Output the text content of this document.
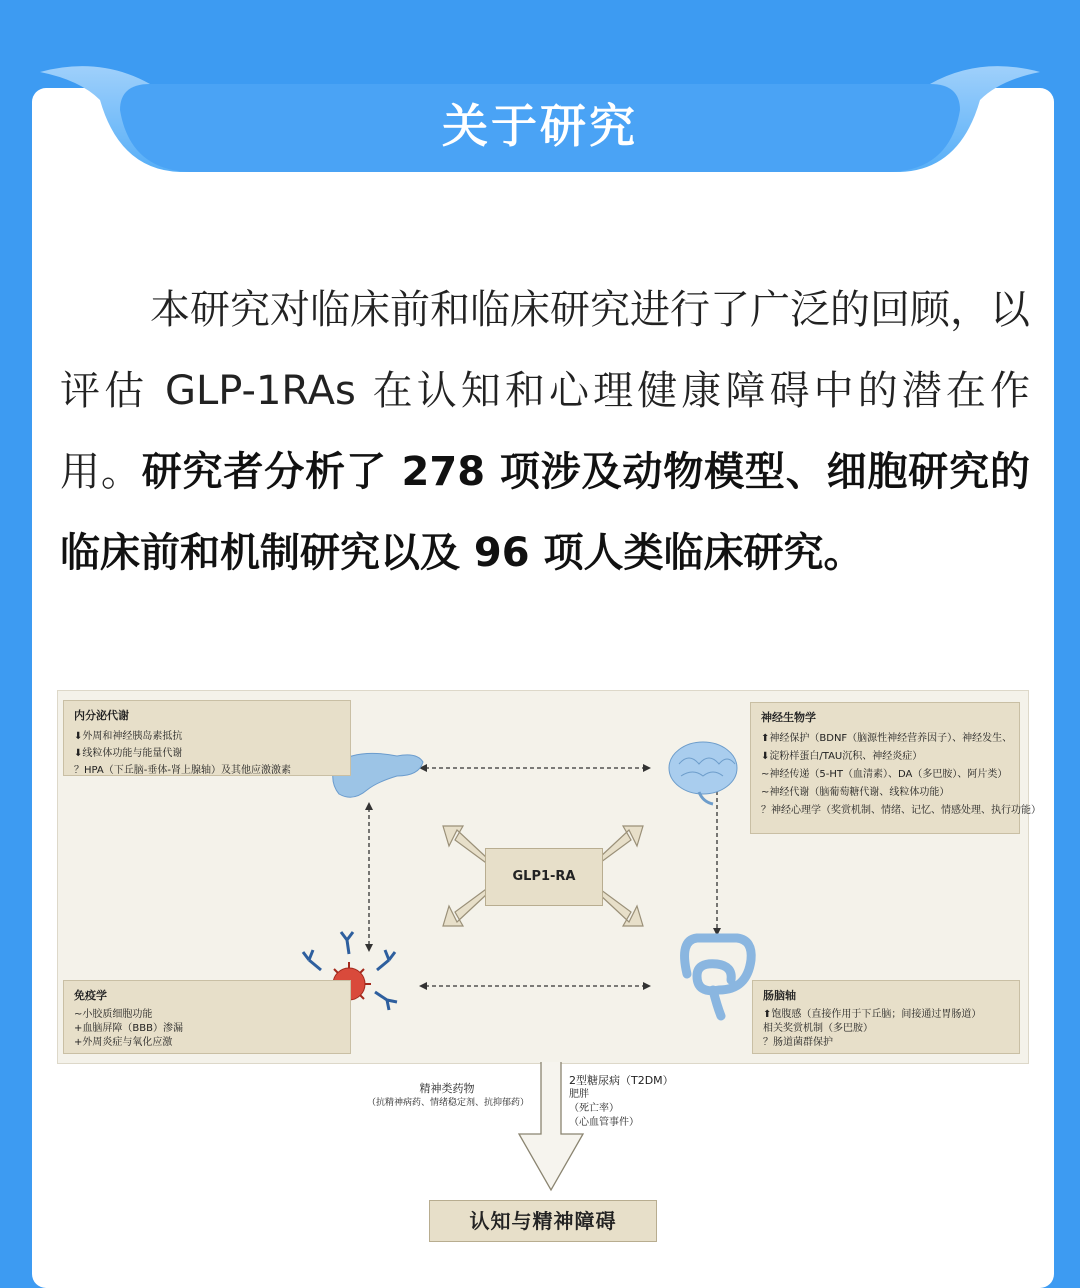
关于研究
本研究对临床前和临床研究进行了广泛的回顾，以评估 GLP-1RAs 在认知和心理健康障碍中的潜在作用。研究者分析了 278 项涉及动物模型、细胞研究的临床前和机制研究以及 96 项人类临床研究。
内分泌代谢
⬇外周和神经胰岛素抵抗
⬇线粒体功能与能量代谢
？HPA（下丘脑-垂体-肾上腺轴）及其他应激激素
神经生物学
⬆神经保护（BDNF（脑源性神经营养因子）、神经发生、
⬇淀粉样蛋白/TAU沉积、神经炎症）
~神经传递（5-HT（血清素）、DA（多巴胺）、阿片类）
~神经代谢（脑葡萄糖代谢、线粒体功能）
？神经心理学（奖赏机制、情绪、记忆、情感处理、执行功能）
GLP1-RA
免疫学
~小胶质细胞功能
+血脑屏障（BBB）渗漏
+外周炎症与氧化应激
肠脑轴
⬆饱腹感（直接作用于下丘脑；间接通过胃肠道）
相关奖赏机制（多巴胺）
？肠道菌群保护
精神类药物
（抗精神病药、情绪稳定剂、抗抑郁药）
2型糖尿病（T2DM）
肥胖
（死亡率）
（心血管事件）
认知与精神障碍
